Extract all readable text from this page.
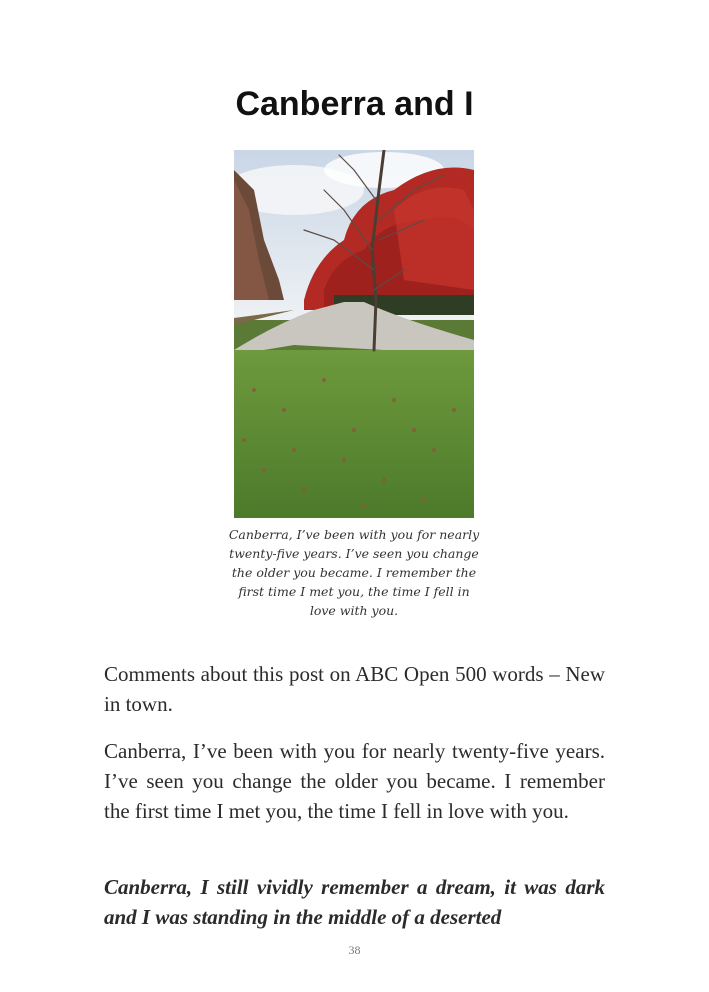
Canberra and I

Canberra, I’ve been with you for nearly twenty-five years. I’ve seen you change the older you became. I remember the first time I met you, the time I fell in love with you.

Comments about this post on ABC Open 500 words – New in town.

Canberra, I’ve been with you for nearly twenty-five years. I’ve seen you change the older you became. I remember the first time I met you, the time I fell in love with you.

Canberra, I still vividly remember a dream, it was dark and I was standing in the middle of a deserted

38
